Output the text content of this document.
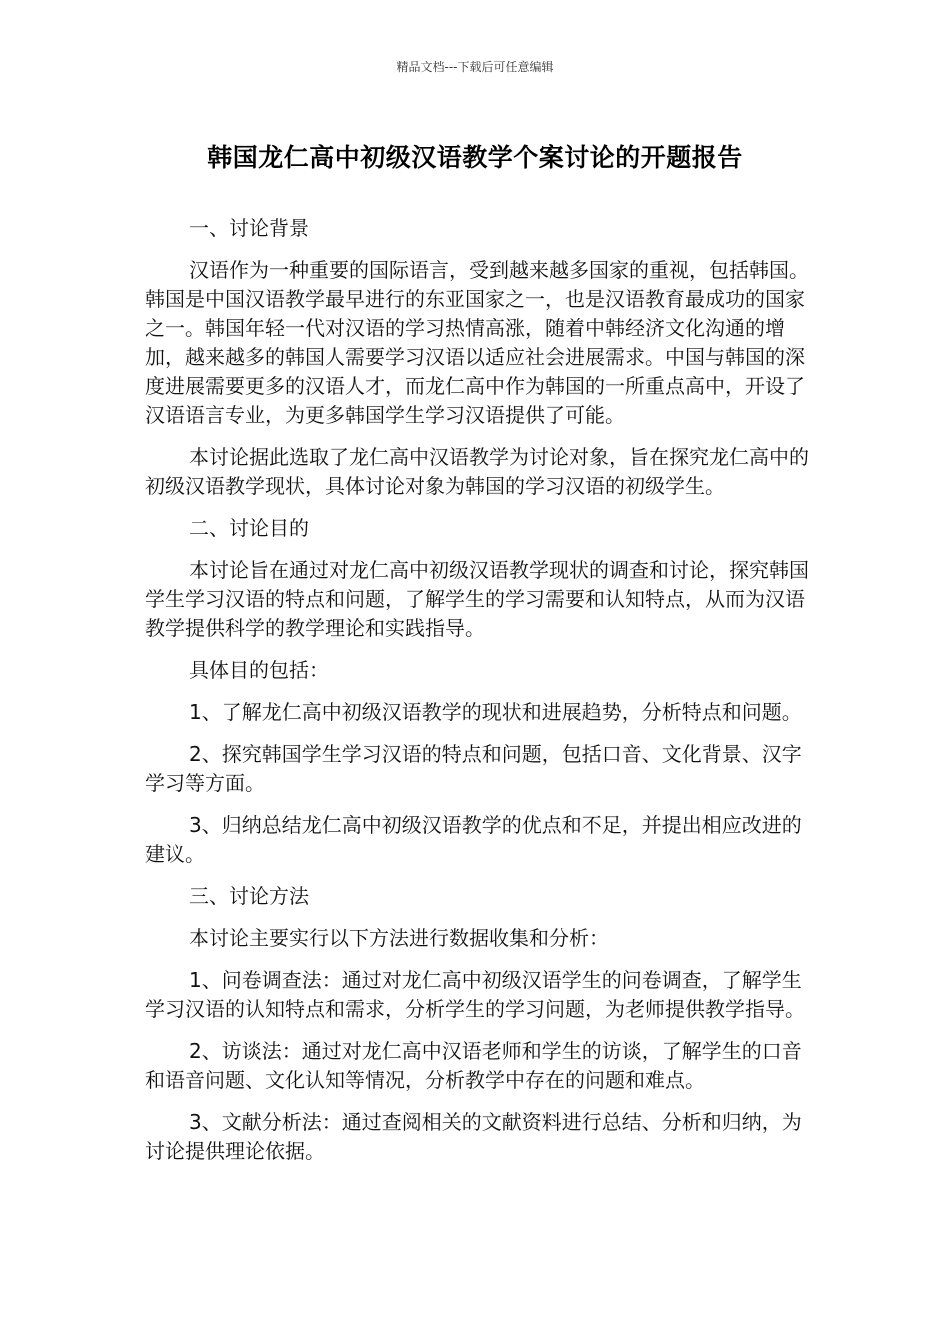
精品文档---下载后可任意编辑
韩国龙仁高中初级汉语教学个案讨论的开题报告

一、讨论背景

汉语作为一种重要的国际语言，受到越来越多国家的重视，包括韩国。韩国是中国汉语教学最早进行的东亚国家之一，也是汉语教育最成功的国家之一。韩国年轻一代对汉语的学习热情高涨，随着中韩经济文化沟通的增加，越来越多的韩国人需要学习汉语以适应社会进展需求。中国与韩国的深度进展需要更多的汉语人才，而龙仁高中作为韩国的一所重点高中，开设了汉语语言专业，为更多韩国学生学习汉语提供了可能。

本讨论据此选取了龙仁高中汉语教学为讨论对象，旨在探究龙仁高中的初级汉语教学现状，具体讨论对象为韩国的学习汉语的初级学生。

二、讨论目的

本讨论旨在通过对龙仁高中初级汉语教学现状的调查和讨论，探究韩国学生学习汉语的特点和问题，了解学生的学习需要和认知特点，从而为汉语教学提供科学的教学理论和实践指导。

具体目的包括：

1、了解龙仁高中初级汉语教学的现状和进展趋势，分析特点和问题。

2、探究韩国学生学习汉语的特点和问题，包括口音、文化背景、汉字学习等方面。

3、归纳总结龙仁高中初级汉语教学的优点和不足，并提出相应改进的建议。

三、讨论方法

本讨论主要实行以下方法进行数据收集和分析：

1、问卷调查法：通过对龙仁高中初级汉语学生的问卷调查，了解学生学习汉语的认知特点和需求，分析学生的学习问题，为老师提供教学指导。

2、访谈法：通过对龙仁高中汉语老师和学生的访谈，了解学生的口音和语音问题、文化认知等情况，分析教学中存在的问题和难点。

3、文献分析法：通过查阅相关的文献资料进行总结、分析和归纳，为讨论提供理论依据。
